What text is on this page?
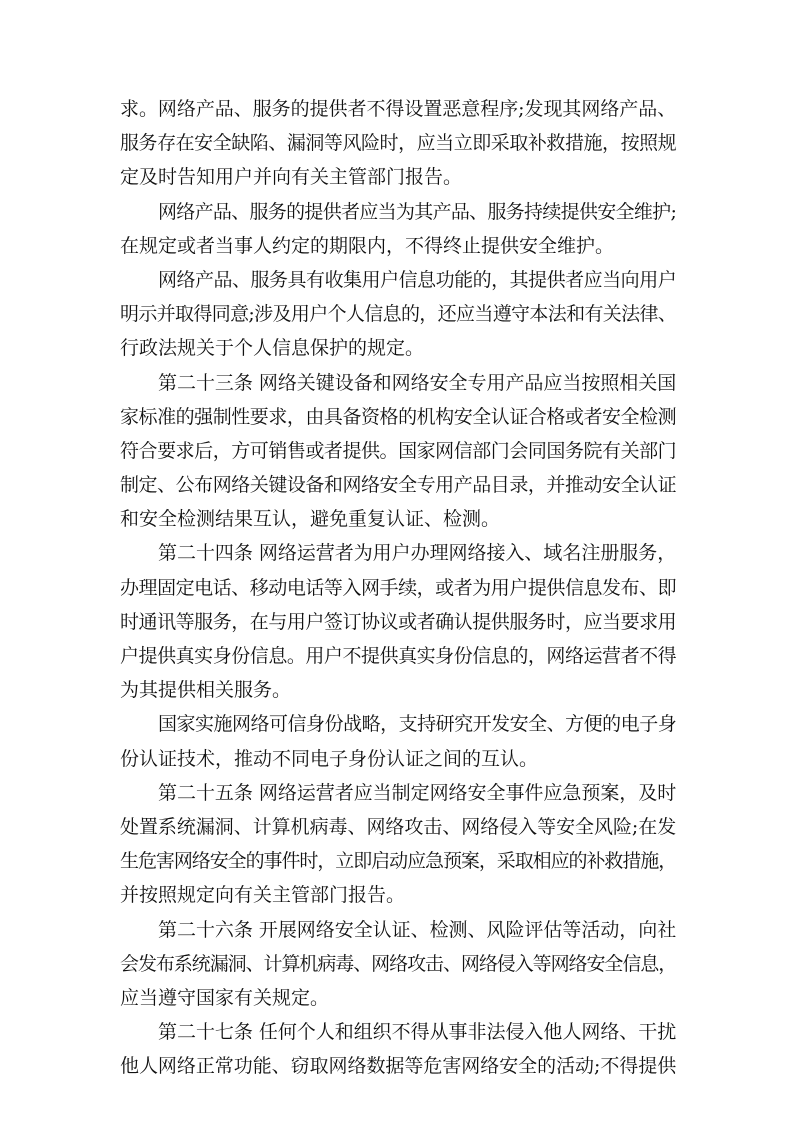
求。网络产品、服务的提供者不得设置恶意程序;发现其网络产品、
服务存在安全缺陷、漏洞等风险时，应当立即采取补救措施，按照规
定及时告知用户并向有关主管部门报告。
网络产品、服务的提供者应当为其产品、服务持续提供安全维护;
在规定或者当事人约定的期限内，不得终止提供安全维护。
网络产品、服务具有收集用户信息功能的，其提供者应当向用户
明示并取得同意;涉及用户个人信息的，还应当遵守本法和有关法律、
行政法规关于个人信息保护的规定。
第二十三条 网络关键设备和网络安全专用产品应当按照相关国
家标准的强制性要求，由具备资格的机构安全认证合格或者安全检测
符合要求后，方可销售或者提供。国家网信部门会同国务院有关部门
制定、公布网络关键设备和网络安全专用产品目录，并推动安全认证
和安全检测结果互认，避免重复认证、检测。
第二十四条 网络运营者为用户办理网络接入、域名注册服务，
办理固定电话、移动电话等入网手续，或者为用户提供信息发布、即
时通讯等服务，在与用户签订协议或者确认提供服务时，应当要求用
户提供真实身份信息。用户不提供真实身份信息的，网络运营者不得
为其提供相关服务。
国家实施网络可信身份战略，支持研究开发安全、方便的电子身
份认证技术，推动不同电子身份认证之间的互认。
第二十五条 网络运营者应当制定网络安全事件应急预案，及时
处置系统漏洞、计算机病毒、网络攻击、网络侵入等安全风险;在发
生危害网络安全的事件时，立即启动应急预案，采取相应的补救措施，
并按照规定向有关主管部门报告。
第二十六条 开展网络安全认证、检测、风险评估等活动，向社
会发布系统漏洞、计算机病毒、网络攻击、网络侵入等网络安全信息，
应当遵守国家有关规定。
第二十七条 任何个人和组织不得从事非法侵入他人网络、干扰
他人网络正常功能、窃取网络数据等危害网络安全的活动;不得提供
